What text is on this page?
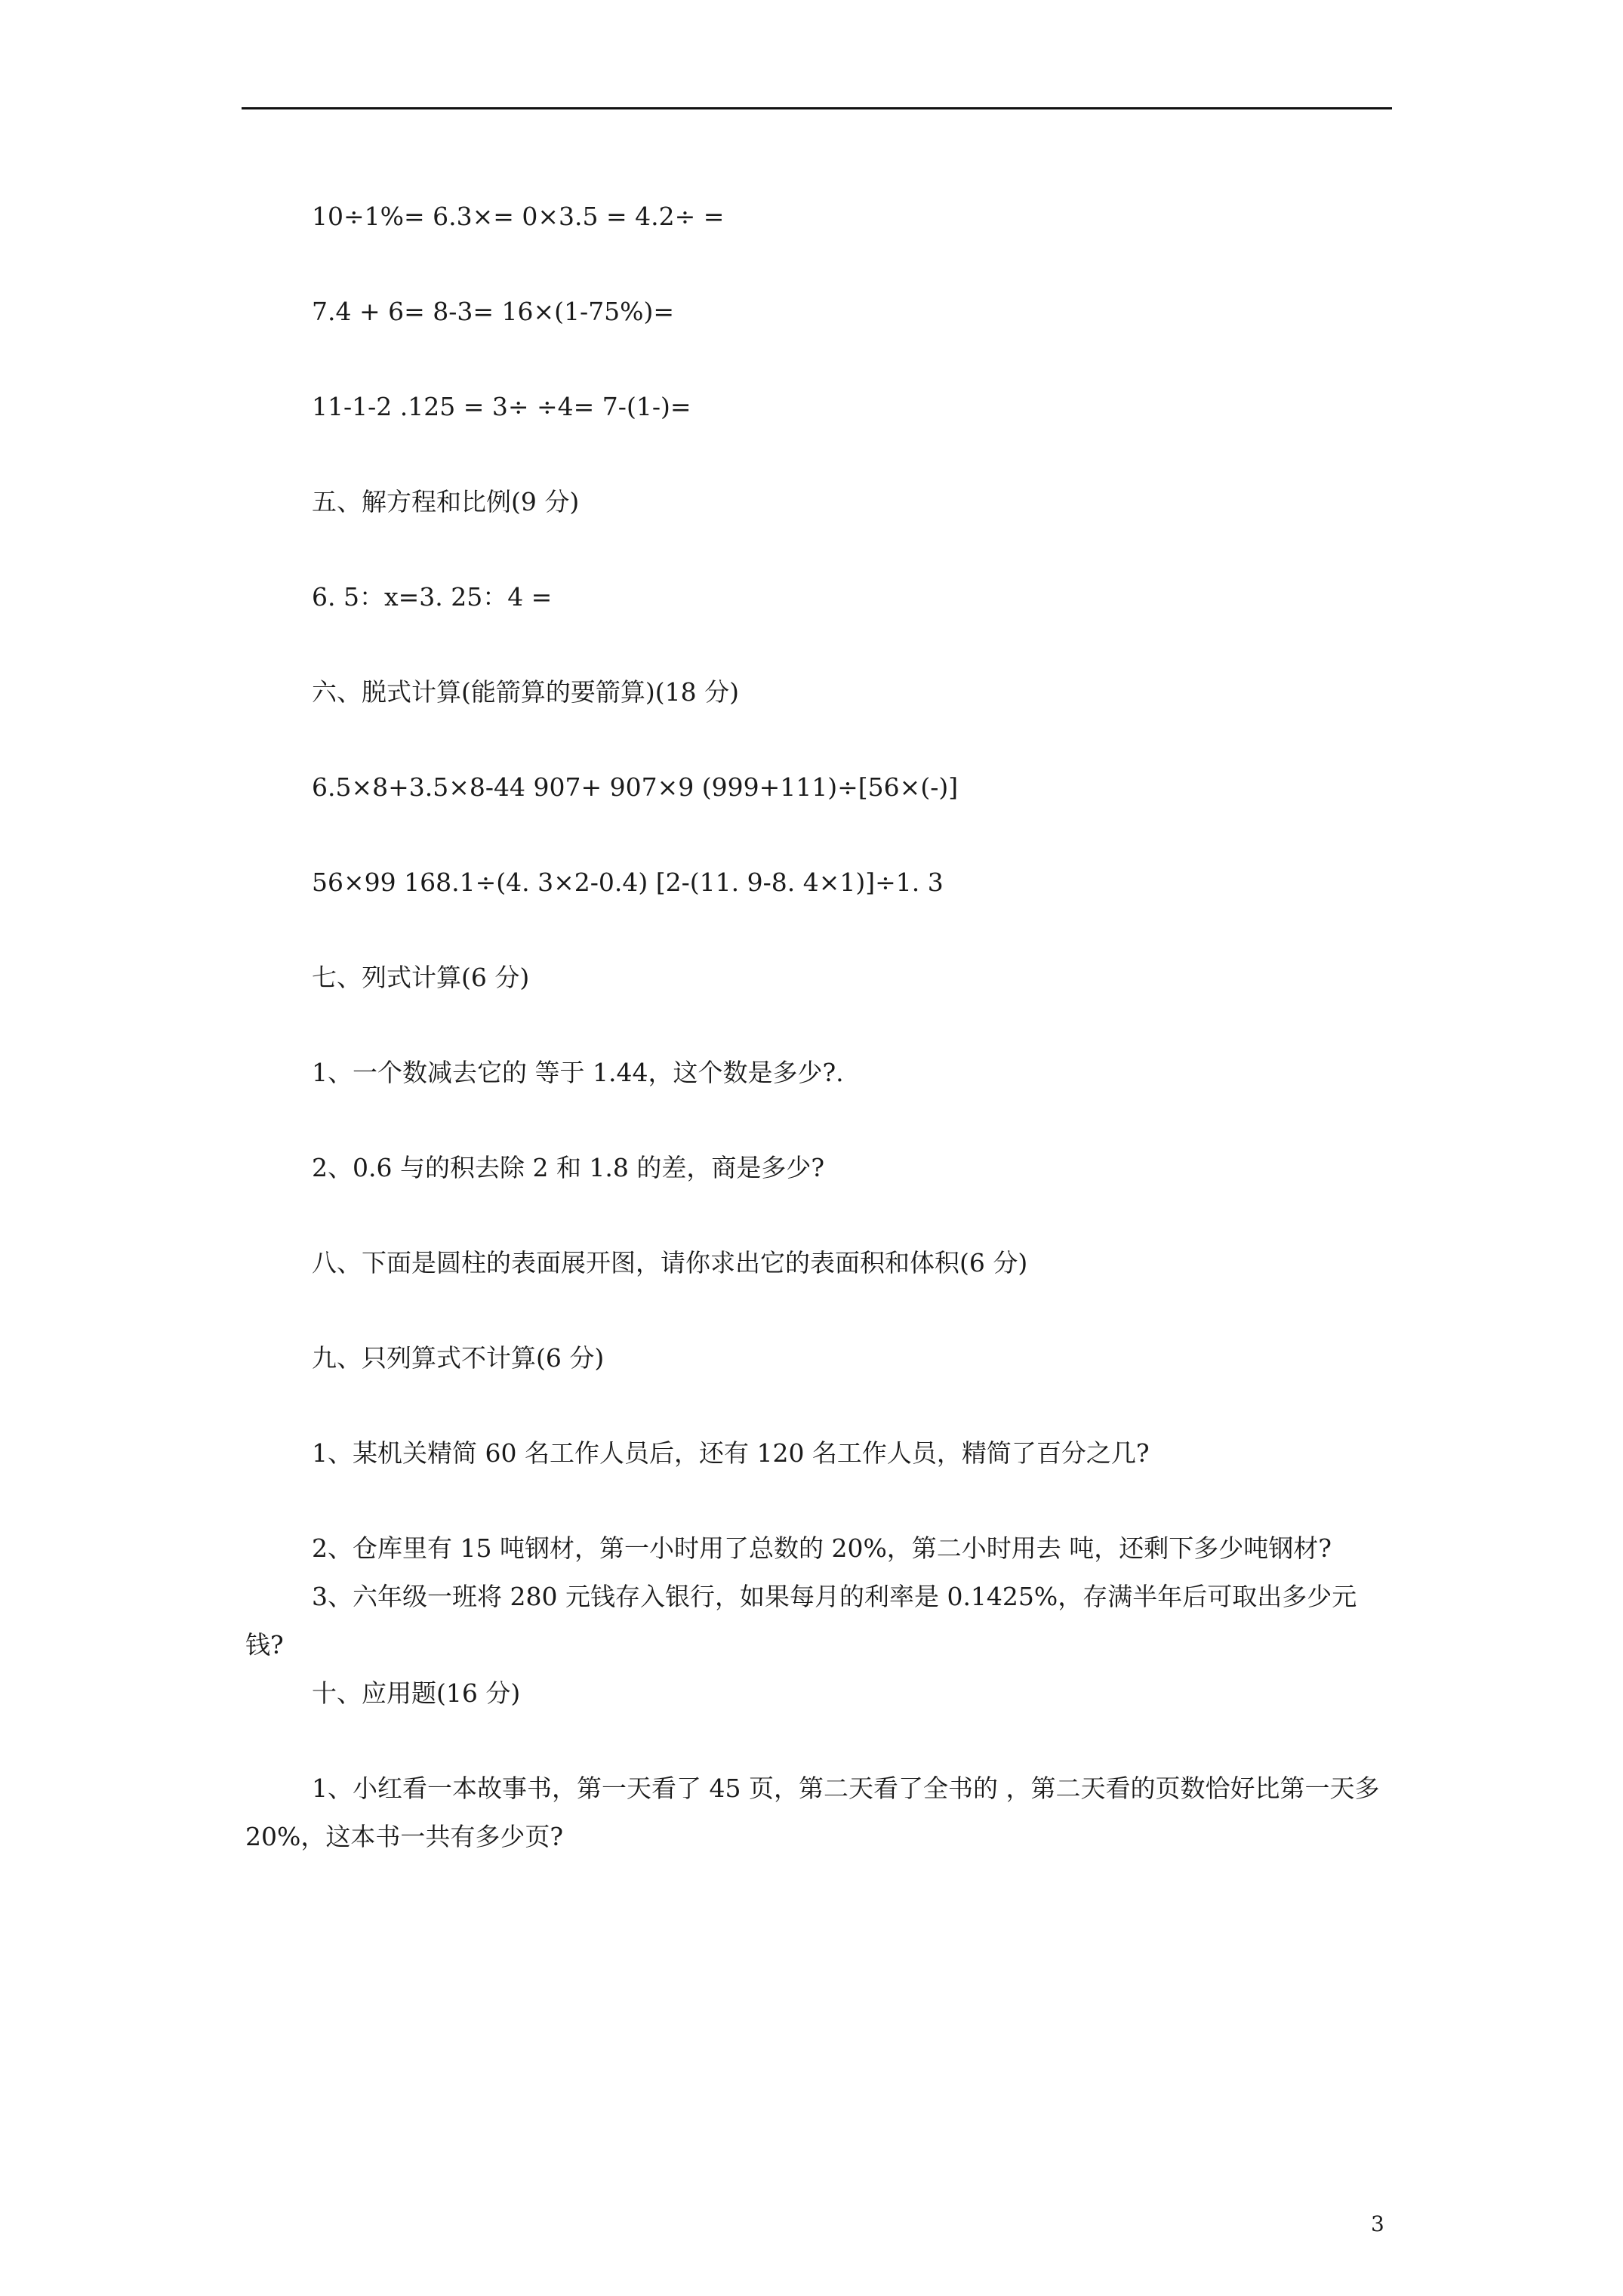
10÷1%= 6.3×= 0×3.5 = 4.2÷ =

7.4 + 6= 8-3= 16×(1-75%)=

11-1-2 .125 = 3÷ ÷4= 7-(1-)=

五、解方程和比例(9 分)

6. 5：x=3. 25：4 =

六、脱式计算(能箭算的要箭算)(18 分)

6.5×8+3.5×8-44 907+ 907×9 (999+111)÷[56×(-)]

56×99 168.1÷(4. 3×2-0.4) [2-(11. 9-8. 4×1)]÷1. 3

七、列式计算(6 分)

1、一个数减去它的 等于 1.44，这个数是多少?.

2、0.6 与的积去除 2 和 1.8 的差，商是多少?

八、下面是圆柱的表面展开图，请你求出它的表面积和体积(6 分)

九、只列算式不计算(6 分)

1、某机关精简 60 名工作人员后，还有 120 名工作人员，精简了百分之几?

2、仓库里有 15 吨钢材，第一小时用了总数的 20%，第二小时用去 吨，还剩下多少吨钢材?

3、六年级一班将 280 元钱存入银行，如果每月的利率是 0.1425%，存满半年后可取出多少元钱?

十、应用题(16 分)

1、小红看一本故事书，第一天看了 45 页，第二天看了全书的 ，第二天看的页数恰好比第一天多 20%，这本书一共有多少页?

3
